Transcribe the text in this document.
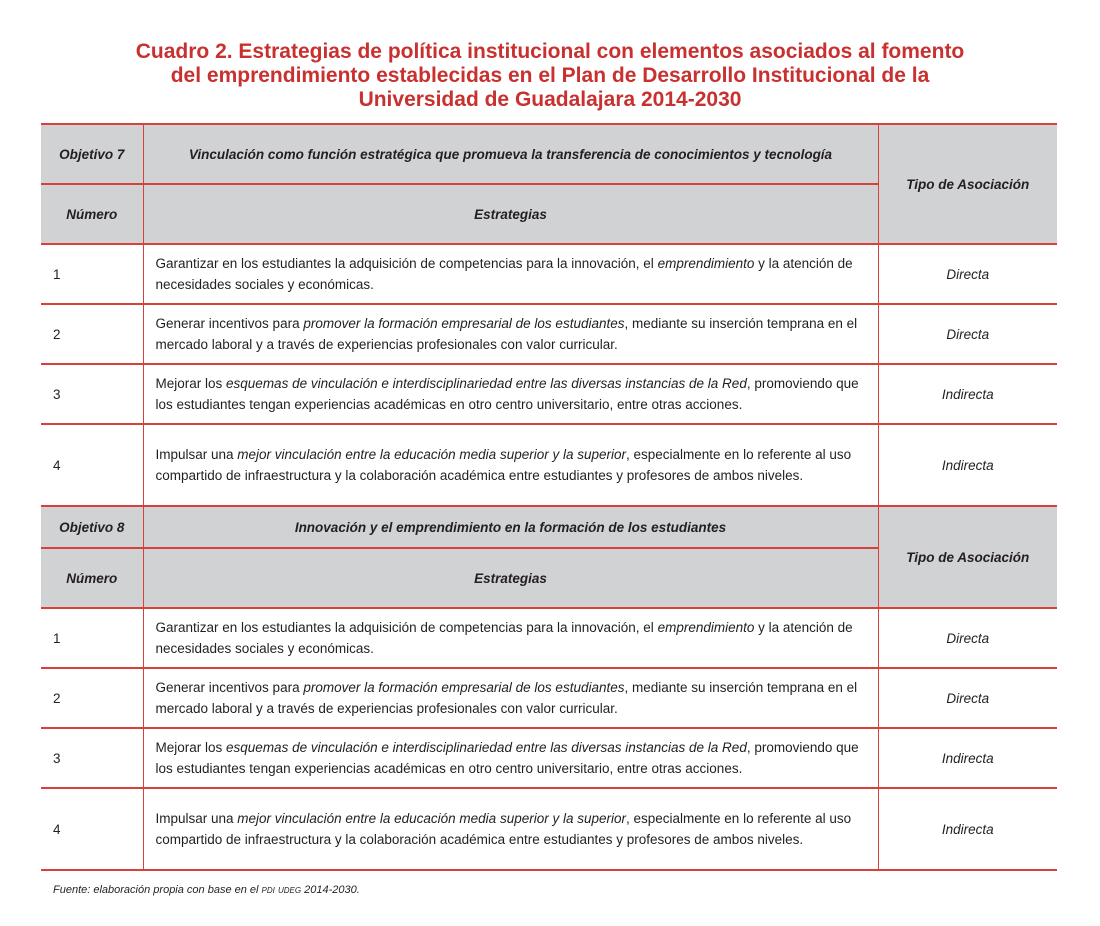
Cuadro 2. Estrategias de política institucional con elementos asociados al fomento
del emprendimiento establecidas en el Plan de Desarrollo Institucional de la
Universidad de Guadalajara 2014-2030
Objetivo 7	Vinculación como función estratégica que promueva la transferencia de conocimientos y tecnología	Tipo de Asociación
Número	Estrategias	
1	Garantizar en los estudiantes la adquisición de competencias para la innovación, el emprendimiento y la atención de necesidades sociales y económicas.	Directa
2	Generar incentivos para promover la formación empresarial de los estudiantes, mediante su inserción temprana en el mercado laboral y a través de experiencias profesionales con valor curricular.	Directa
3	Mejorar los esquemas de vinculación e interdisciplinariedad entre las diversas instancias de la Red, promoviendo que los estudiantes tengan experiencias académicas en otro centro universitario, entre otras acciones.	Indirecta
4	Impulsar una mejor vinculación entre la educación media superior y la superior, especialmente en lo referente al uso compartido de infraestructura y la colaboración académica entre estudiantes y profesores de ambos niveles.	Indirecta
Objetivo 8	Innovación y el emprendimiento en la formación de los estudiantes	Tipo de Asociación
Número	Estrategias	
1	Garantizar en los estudiantes la adquisición de competencias para la innovación, el emprendimiento y la atención de necesidades sociales y económicas.	Directa
2	Generar incentivos para promover la formación empresarial de los estudiantes, mediante su inserción temprana en el mercado laboral y a través de experiencias profesionales con valor curricular.	Directa
3	Mejorar los esquemas de vinculación e interdisciplinariedad entre las diversas instancias de la Red, promoviendo que los estudiantes tengan experiencias académicas en otro centro universitario, entre otras acciones.	Indirecta
4	Impulsar una mejor vinculación entre la educación media superior y la superior, especialmente en lo referente al uso compartido de infraestructura y la colaboración académica entre estudiantes y profesores de ambos niveles.	Indirecta
Fuente: elaboración propia con base en el pdi udeg 2014-2030.
